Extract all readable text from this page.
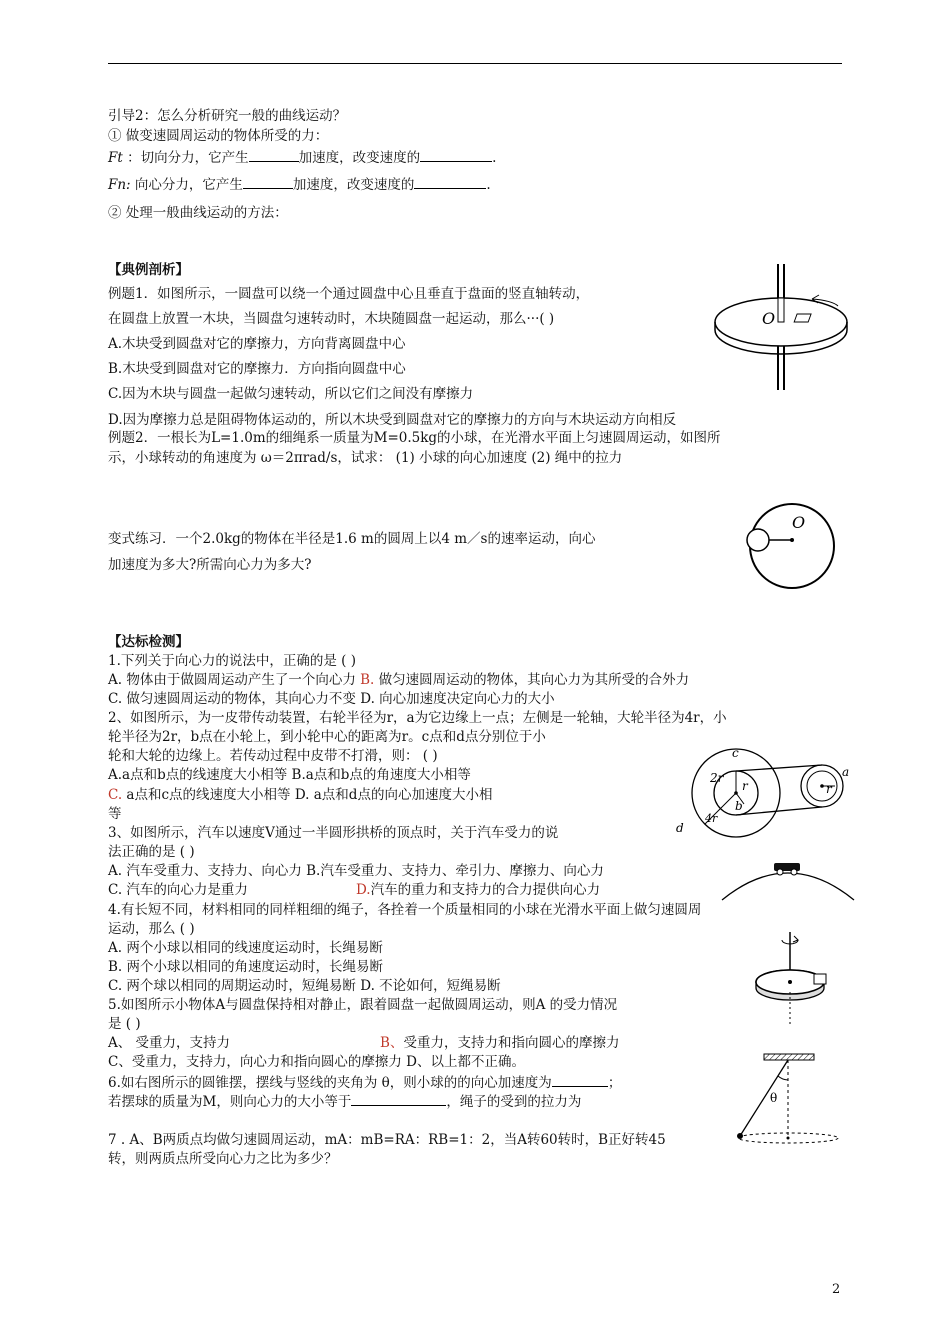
引导2：怎么分析研究一般的曲线运动？
① 做变速圆周运动的物体所受的力：
Ft ：切向分力，它产生	加速度，改变速度的	.
Fn: 向心分力，它产生	加速度，改变速度的	.
② 处理一般曲线运动的方法：
【典例剖析】
例题1．如图所示，一圆盘可以绕一个通过圆盘中心且垂直于盘面的竖直轴转动，
在圆盘上放置一木块，当圆盘匀速转动时，木块随圆盘一起运动，那么···( )
A.木块受到圆盘对它的摩擦力，方向背离圆盘中心
B.木块受到圆盘对它的摩擦力．方向指向圆盘中心
C.因为木块与圆盘一起做匀速转动，所以它们之间没有摩擦力
D.因为摩擦力总是阻碍物体运动的，所以木块受到圆盘对它的摩擦力的方向与木块运动方向相反
例题2．一根长为L=1.0m的细绳系一质量为M=0.5kg的小球，在光滑水平面上匀速圆周运动，如图所
示，小球转动的角速度为 ω＝2πrad/s，试求： (1) 小球的向心加速度 (2) 绳中的拉力
变式练习．一个2.0kg的物体在半径是1.6 m的圆周上以4 m／s的速率运动，向心
加速度为多大?所需向心力为多大?
【达标检测】
1.下列关于向心力的说法中，正确的是 ( )
A. 物体由于做圆周运动产生了一个向心力 B. 做匀速圆周运动的物体，其向心力为其所受的合外力
C. 做匀速圆周运动的物体，其向心力不变 D. 向心加速度决定向心力的大小
2、如图所示，为一皮带传动装置，右轮半径为r，a为它边缘上一点；左侧是一轮轴，大轮半径为4r，小
轮半径为2r，b点在小轮上，到小轮中心的距离为r。c点和d点分别位于小
轮和大轮的边缘上。若传动过程中皮带不打滑，则： ( )
A.a点和b点的线速度大小相等 B.a点和b点的角速度大小相等
C. a点和c点的线速度大小相等 D. a点和d点的向心加速度大小相
等
3、如图所示，汽车以速度V通过一半圆形拱桥的顶点时，关于汽车受力的说
法正确的是 ( )
A. 汽车受重力、支持力、向心力 B.汽车受重力、支持力、牵引力、摩擦力、向心力
C. 汽车的向心力是重力	D.汽车的重力和支持力的合力提供向心力
4.有长短不同，材料相同的同样粗细的绳子，各拴着一个质量相同的小球在光滑水平面上做匀速圆周
运动，那么 ( )
A. 两个小球以相同的线速度运动时，长绳易断
B. 两个小球以相同的角速度运动时，长绳易断
C. 两个球以相同的周期运动时，短绳易断 D. 不论如何，短绳易断
5.如图所示小物体A与圆盘保持相对静止，跟着圆盘一起做圆周运动，则A 的受力情况
是 ( )
A、 受重力，支持力	B、受重力，支持力和指向圆心的摩擦力
C、受重力，支持力，向心力和指向圆心的摩擦力 D、以上都不正确。
6.如右图所示的圆锥摆，摆线与竖线的夹角为 θ，则小球的的向心加速度为	；
若摆球的质量为M，则向心力的大小等于	，绳子的受到的拉力为
7 . A、B两质点均做匀速圆周运动，mA：mB=RA：RB=1：2，当A转60转时，B正好转45
转，则两质点所受向心力之比为多少？
O
O
c
2r
r
b
d
4r
r
a
θ
2
